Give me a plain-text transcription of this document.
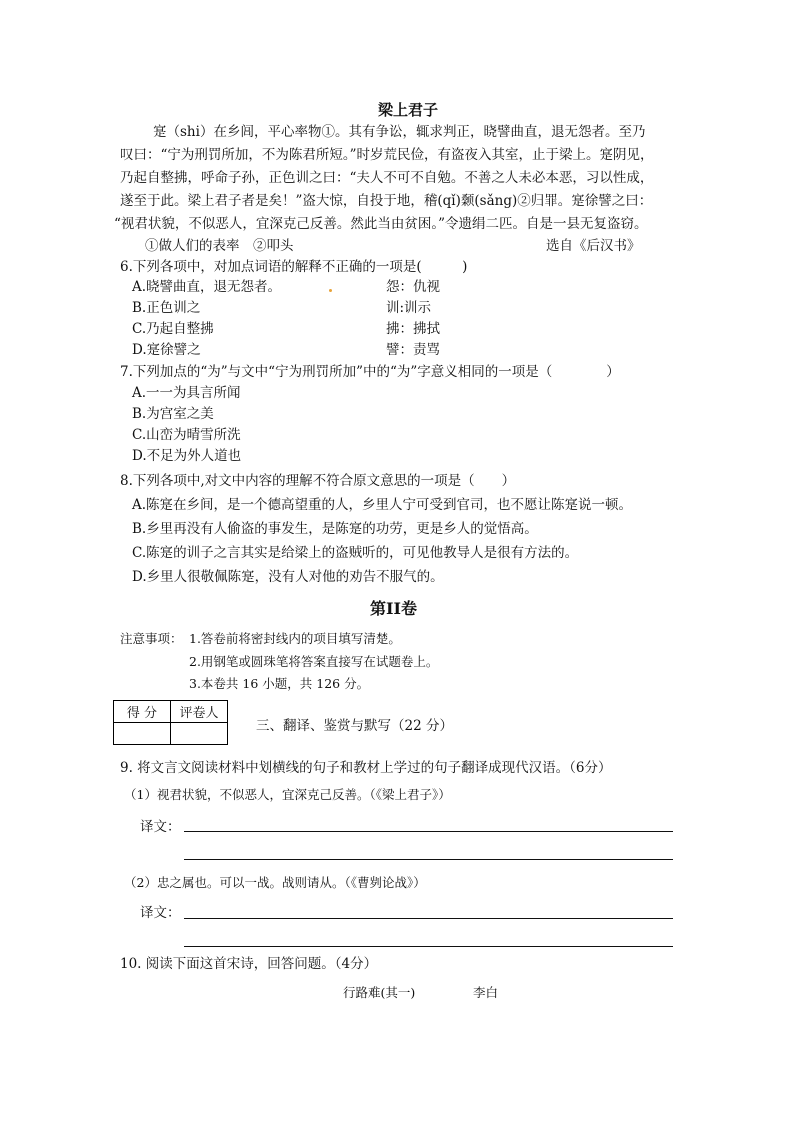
梁上君子
寔（shi）在乡闾，平心率物①。其有争讼，辄求判正，晓譬曲直，退无怨者。至乃
叹曰：“宁为刑罚所加，不为陈君所短。”时岁荒民俭，有盗夜入其室，止于梁上。寔阴见，
乃起自整拂，呼命子孙，正色训之曰：“夫人不可不自勉。不善之人未必本恶，习以性成，
遂至于此。梁上君子者是矣！”盗大惊，自投于地，稽(qǐ)颡(sǎng)②归罪。寔徐譬之曰：
“视君状貌，不似恶人，宜深克己反善。然此当由贫困。”令遗绢二匹。自是一县无复盗窃。
①做人们的表率　②叩头	选自《后汉书》
6.下列各项中，对加点词语的解释不正确的一项是(　　　)
A.晓譬曲直，退无怨者。	怨：仇视
B.正色训之	训:训示
C.乃起自整拂	拂：拂拭
D.寔徐譬之	譬：责骂
7.下列加点的“为”与文中“宁为刑罚所加”中的“为”字意义相同的一项是（　　　　）
A.一一为具言所闻
B.为宫室之美
C.山峦为晴雪所洗
D.不足为外人道也
8.下列各项中,对文中内容的理解不符合原文意思的一项是（　　）
A.陈寔在乡间，是一个德高望重的人，乡里人宁可受到官司，也不愿让陈寔说一顿。
B.乡里再没有人偷盗的事发生，是陈寔的功劳，更是乡人的觉悟高。
C.陈寔的训子之言其实是给梁上的盗贼听的，可见他教导人是很有方法的。
D.乡里人很敬佩陈寔，没有人对他的劝告不服气的。
第II卷
注意事项： 1.答卷前将密封线内的项目填写清楚。
2.用钢笔或圆珠笔将答案直接写在试题卷上。
3.本卷共 16 小题，共 126 分。
得 分	评卷人

三、翻译、鉴赏与默写（22 分）
9. 将文言文阅读材料中划横线的句子和教材上学过的句子翻译成现代汉语。（6分）
（1）视君状貌，不似恶人，宜深克己反善。（《梁上君子》）
译文：
（2）忠之属也。可以一战。战则请从。（《曹刿论战》）
译文：
10. 阅读下面这首宋诗，回答问题。（4分）
行路难(其一)	李白
